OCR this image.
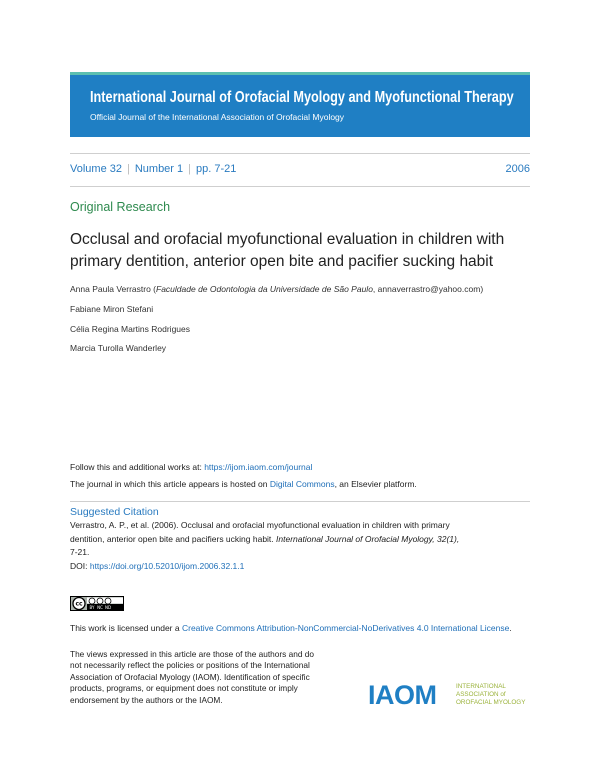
International Journal of Orofacial Myology and Myofunctional Therapy
Official Journal of the International Association of Orofacial Myology
Volume 32 | Number 1 | pp. 7-21	2006
Original Research
Occlusal and orofacial myofunctional evaluation in children with
primary dentition, anterior open bite and pacifier sucking habit
Anna Paula Verrastro (Faculdade de Odontologia da Universidade de São Paulo, annaverrastro@yahoo.com)
Fabiane Miron Stefani
Célia Regina Martins Rodrigues
Marcia Turolla Wanderley
Follow this and additional works at: https://ijom.iaom.com/journal
The journal in which this article appears is hosted on Digital Commons, an Elsevier platform.
Suggested Citation
Verrastro, A. P., et al. (2006). Occlusal and orofacial myofunctional evaluation in children with primary
dentition, anterior open bite and pacifiers ucking habit. International Journal of Orofacial Myology, 32(1),
7-21.
DOI: https://doi.org/10.52010/ijom.2006.32.1.1
cc BY NC ND
This work is licensed under a Creative Commons Attribution-NonCommercial-NoDerivatives 4.0 International License.
The views expressed in this article are those of the authors and do
not necessarily reflect the policies or positions of the International
Association of Orofacial Myology (IAOM). Identification of specific
products, programs, or equipment does not constitute or imply
endorsement by the authors or the IAOM.	IAOM	INTERNATIONAL
ASSOCIATION of
OROFACIAL MYOLOGY
